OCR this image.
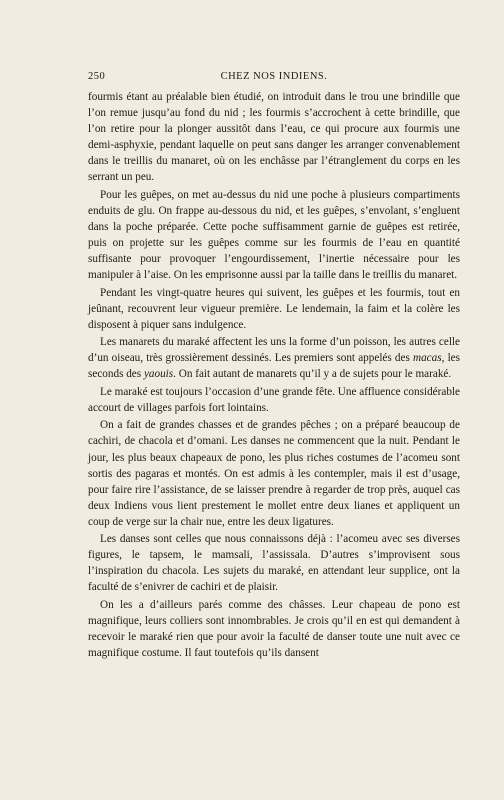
250	CHEZ NOS INDIENS.

fourmis étant au préalable bien étudié, on introduit dans le trou une brindille que l’on remue jusqu’au fond du nid ; les fourmis s’accrochent à cette brindille, que l’on retire pour la plonger aussitôt dans l’eau, ce qui procure aux fourmis une demi-asphyxie, pendant laquelle on peut sans danger les arranger convenablement dans le treillis du manaret, où on les enchâsse par l’étranglement du corps en les serrant un peu.

Pour les guêpes, on met au-dessus du nid une poche à plusieurs compartiments enduits de glu. On frappe au-dessous du nid, et les guêpes, s’envolant, s’engluent dans la poche préparée. Cette poche suffisamment garnie de guêpes est retirée, puis on projette sur les guêpes comme sur les fourmis de l’eau en quantité suffisante pour provoquer l’engourdissement, l’inertie nécessaire pour les manipuler à l’aise. On les emprisonne aussi par la taille dans le treillis du manaret.

Pendant les vingt-quatre heures qui suivent, les guêpes et les fourmis, tout en jeûnant, recouvrent leur vigueur première. Le lendemain, la faim et la colère les disposent à piquer sans indulgence.

Les manarets du maraké affectent les uns la forme d’un poisson, les autres celle d’un oiseau, très grossièrement dessinés. Les premiers sont appelés des macas, les seconds des yaouis. On fait autant de manarets qu’il y a de sujets pour le maraké.

Le maraké est toujours l’occasion d’une grande fête. Une affluence considérable accourt de villages parfois fort lointains.

On a fait de grandes chasses et de grandes pêches ; on a préparé beaucoup de cachiri, de chacola et d’omani. Les danses ne commencent que la nuit. Pendant le jour, les plus beaux chapeaux de pono, les plus riches costumes de l’acomeu sont sortis des pagaras et montés. On est admis à les contempler, mais il est d’usage, pour faire rire l’assistance, de se laisser prendre à regarder de trop près, auquel cas deux Indiens vous lient prestement le mollet entre deux lianes et appliquent un coup de verge sur la chair nue, entre les deux ligatures.

Les danses sont celles que nous connaissons déjà : l’acomeu avec ses diverses figures, le tapsem, le mamsali, l’assissala. D’autres s’improvisent sous l’inspiration du chacola. Les sujets du maraké, en attendant leur supplice, ont la faculté de s’enivrer de cachiri et de plaisir.

On les a d’ailleurs parés comme des châsses. Leur chapeau de pono est magnifique, leurs colliers sont innombrables. Je crois qu’il en est qui demandent à recevoir le maraké rien que pour avoir la faculté de danser toute une nuit avec ce magnifique costume. Il faut toutefois qu’ils dansent
